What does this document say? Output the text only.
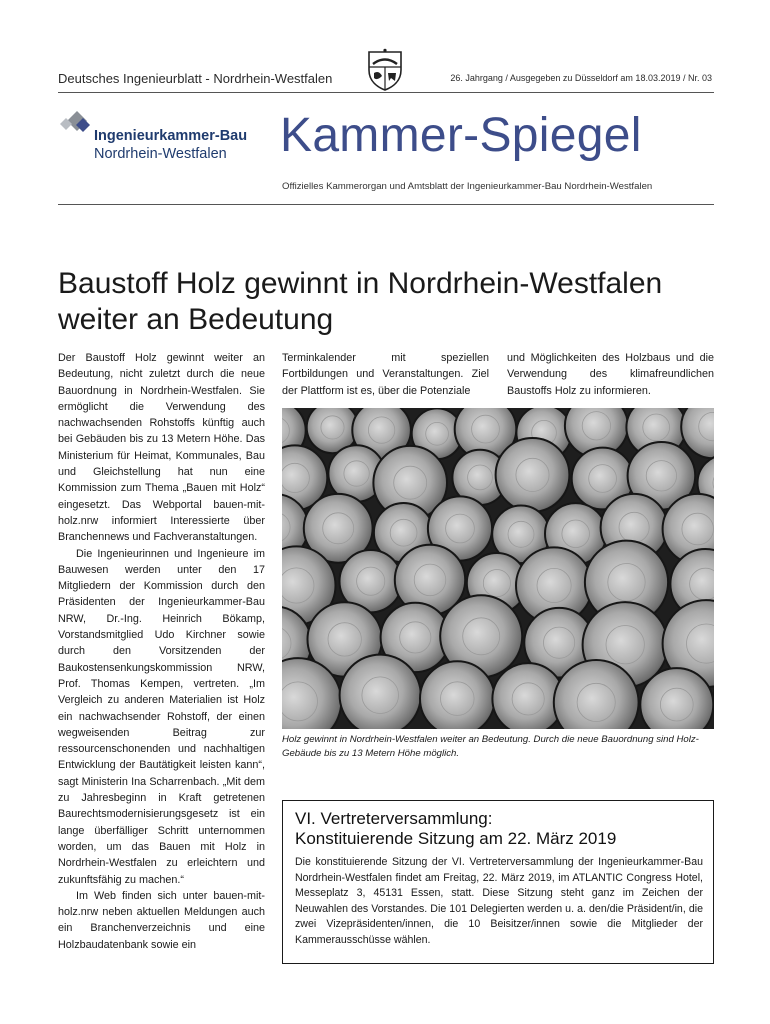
Deutsches Ingenieurblatt - Nordrhein-Westfalen	26. Jahrgang / Ausgegeben zu Düsseldorf am 18.03.2019 / Nr. 03
Ingenieurkammer-Bau
Nordrhein-Westfalen Kammer-Spiegel
Offizielles Kammerorgan und Amtsblatt der Ingenieurkammer-Bau Nordrhein-Westfalen
Baustoff Holz gewinnt in Nordrhein-Westfalen
weiter an Bedeutung

Der Baustoff Holz gewinnt weiter an Bedeutung, nicht zuletzt durch die neue Bauordnung in Nordrhein-Westfalen. Sie ermöglicht die Verwendung des nachwachsenden Rohstoffs künftig auch bei Gebäuden bis zu 13 Metern Höhe. Das Ministerium für Heimat, Kommunales, Bau und Gleichstellung hat nun eine Kommission zum Thema „Bauen mit Holz“ eingesetzt. Das Webportal bauen-mit-holz.nrw informiert Interessierte über Branchennews und Fachveranstaltungen.

Die Ingenieurinnen und Ingenieure im Bauwesen werden unter den 17 Mitgliedern der Kommission durch den Präsidenten der Ingenieurkammer-Bau NRW, Dr.-Ing. Heinrich Bökamp, Vorstandsmitglied Udo Kirchner sowie durch den Vorsitzenden der Baukostensenkungskommission NRW, Prof. Thomas Kempen, vertreten. „Im Vergleich zu anderen Materialien ist Holz ein nachwachsender Rohstoff, der einen wegweisenden Beitrag zur ressourcenschonenden und nachhaltigen Entwicklung der Bautätigkeit leisten kann“, sagt Ministerin Ina Scharrenbach. „Mit dem zu Jahresbeginn in Kraft getretenen Baurechtsmodernisierungsgesetz ist ein lange überfälliger Schritt unternommen worden, um das Bauen mit Holz in Nordrhein-Westfalen zu erleichtern und zukunftsfähig zu machen.“

Im Web finden sich unter bauen-mit-holz.nrw neben aktuellen Meldungen auch ein Branchenverzeichnis und eine Holzbaudatenbank sowie ein

Terminkalender mit speziellen Fortbildungen und Veranstaltungen. Ziel der Plattform ist es, über die Potenziale
und Möglichkeiten des Holzbaus und die Verwendung des klimafreundlichen Baustoffs Holz zu informieren.
Holz gewinnt in Nordrhein-Westfalen weiter an Bedeutung. Durch die neue Bauordnung sind Holz-Gebäude bis zu 13 Metern Höhe möglich.
VI. Vertreterversammlung:
Konstituierende Sitzung am 22. März 2019
Die konstituierende Sitzung der VI. Vertreterversammlung der Ingenieurkammer-Bau Nordrhein-Westfalen findet am Freitag, 22. März 2019, im ATLANTIC Congress Hotel, Messeplatz 3, 45131 Essen, statt. Diese Sitzung steht ganz im Zeichen der Neuwahlen des Vorstandes. Die 101 Delegierten werden u. a. den/die Präsident/in, die zwei Vizepräsidenten/innen, die 10 Beisitzer/innen sowie die Mitglieder der Kammerausschüsse wählen.
